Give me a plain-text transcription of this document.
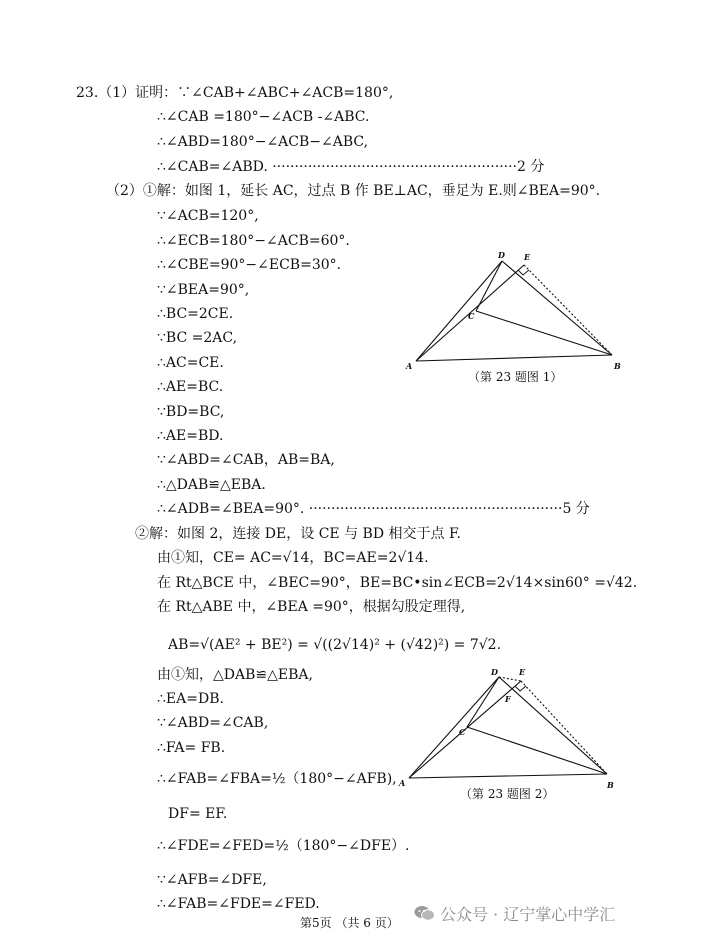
23.（1）证明：∵∠CAB+∠ABC+∠ACB=180°,
∴∠CAB =180°−∠ACB -∠ABC.
∴∠ABD=180°−∠ACB−∠ABC,
∴∠CAB=∠ABD. ·······················································2 分
（2）①解：如图 1，延长 AC，过点 B 作 BE⊥AC，垂足为 E.则∠BEA=90°.
∵∠ACB=120°,
∴∠ECB=180°−∠ACB=60°.
∴∠CBE=90°−∠ECB=30°.
∵∠BEA=90°,
∴BC=2CE.
∵BC =2AC,
∴AC=CE.
∴AE=BC.
∵BD=BC,
∴AE=BD.
∵∠ABD=∠CAB，AB=BA,
∴△DAB≌△EBA.
∴∠ADB=∠BEA=90°. ·························································5 分
②解：如图 2，连接 DE，设 CE 与 BD 相交于点 F.
由①知，CE= AC=√14，BC=AE=2√14.
在 Rt△BCE 中，∠BEC=90°，BE=BC•sin∠ECB=2√14×sin60° =√42.
在 Rt△ABE 中，∠BEA =90°，根据勾股定理得,
AB=√(AE² + BE²) = √((2√14)² + (√42)²) = 7√2.
由①知，△DAB≌△EBA,
∴EA=DB.
∵∠ABD=∠CAB,
∴FA= FB.
∴∠FAB=∠FBA=½（180°−∠AFB),
DF= EF.
∴∠FDE=∠FED=½（180°−∠DFE）.
∵∠AFB=∠DFE,
∴∠FAB=∠FDE=∠FED.
A	B
C
D E
（第 23 题图 1）
A	B
C
D	E
F
（第 23 题图 2）
第5页 （共 6 页）	公众号 · 辽宁掌心中学汇
